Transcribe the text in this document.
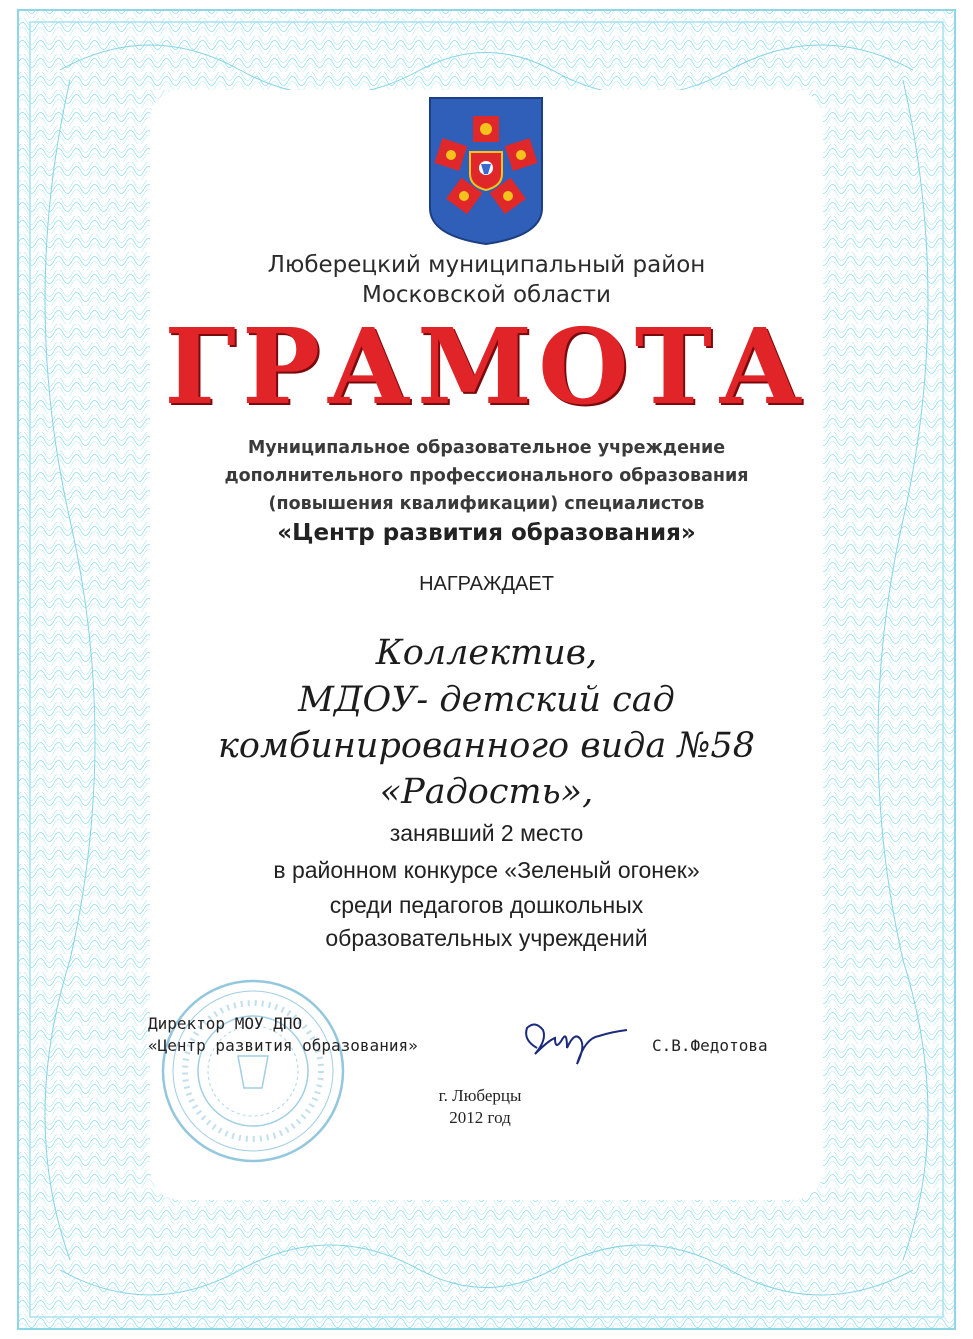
Люберецкий муниципальный район
Московской области
ГРАМОТА
Муниципальное образовательное учреждение
дополнительного профессионального образования
(повышения квалификации) специалистов
«Центр развития образования»
НАГРАЖДАЕТ
Коллектив,
МДОУ- детский сад
комбинированного вида №58
«Радость»,
занявший 2 место
в районном конкурсе «Зеленый огонек»
среди педагогов дошкольных
образовательных учреждений
Директор МОУ ДПО
«Центр развития образования»	С.В.Федотова
г. Люберцы
2012 год
